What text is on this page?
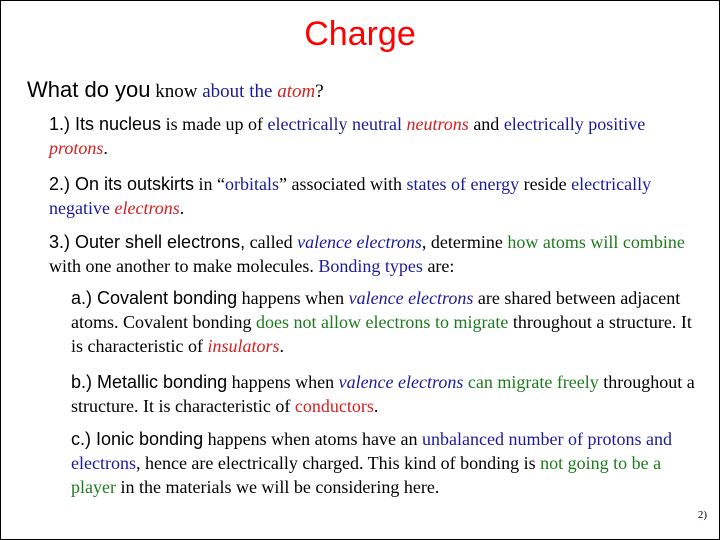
Charge
What do you know about the atom?
1.) Its nucleus is made up of electrically neutral neutrons and electrically positive protons.
2.) On its outskirts in “orbitals” associated with states of energy reside electrically negative electrons.
3.) Outer shell electrons, called valence electrons, determine how atoms will combine with one another to make molecules. Bonding types are:
a.) Covalent bonding happens when valence electrons are shared between adjacent atoms. Covalent bonding does not allow electrons to migrate throughout a structure. It is characteristic of insulators.
b.) Metallic bonding happens when valence electrons can migrate freely throughout a structure. It is characteristic of conductors.
c.) Ionic bonding happens when atoms have an unbalanced number of protons and electrons, hence are electrically charged. This kind of bonding is not going to be a player in the materials we will be considering here.
2)
